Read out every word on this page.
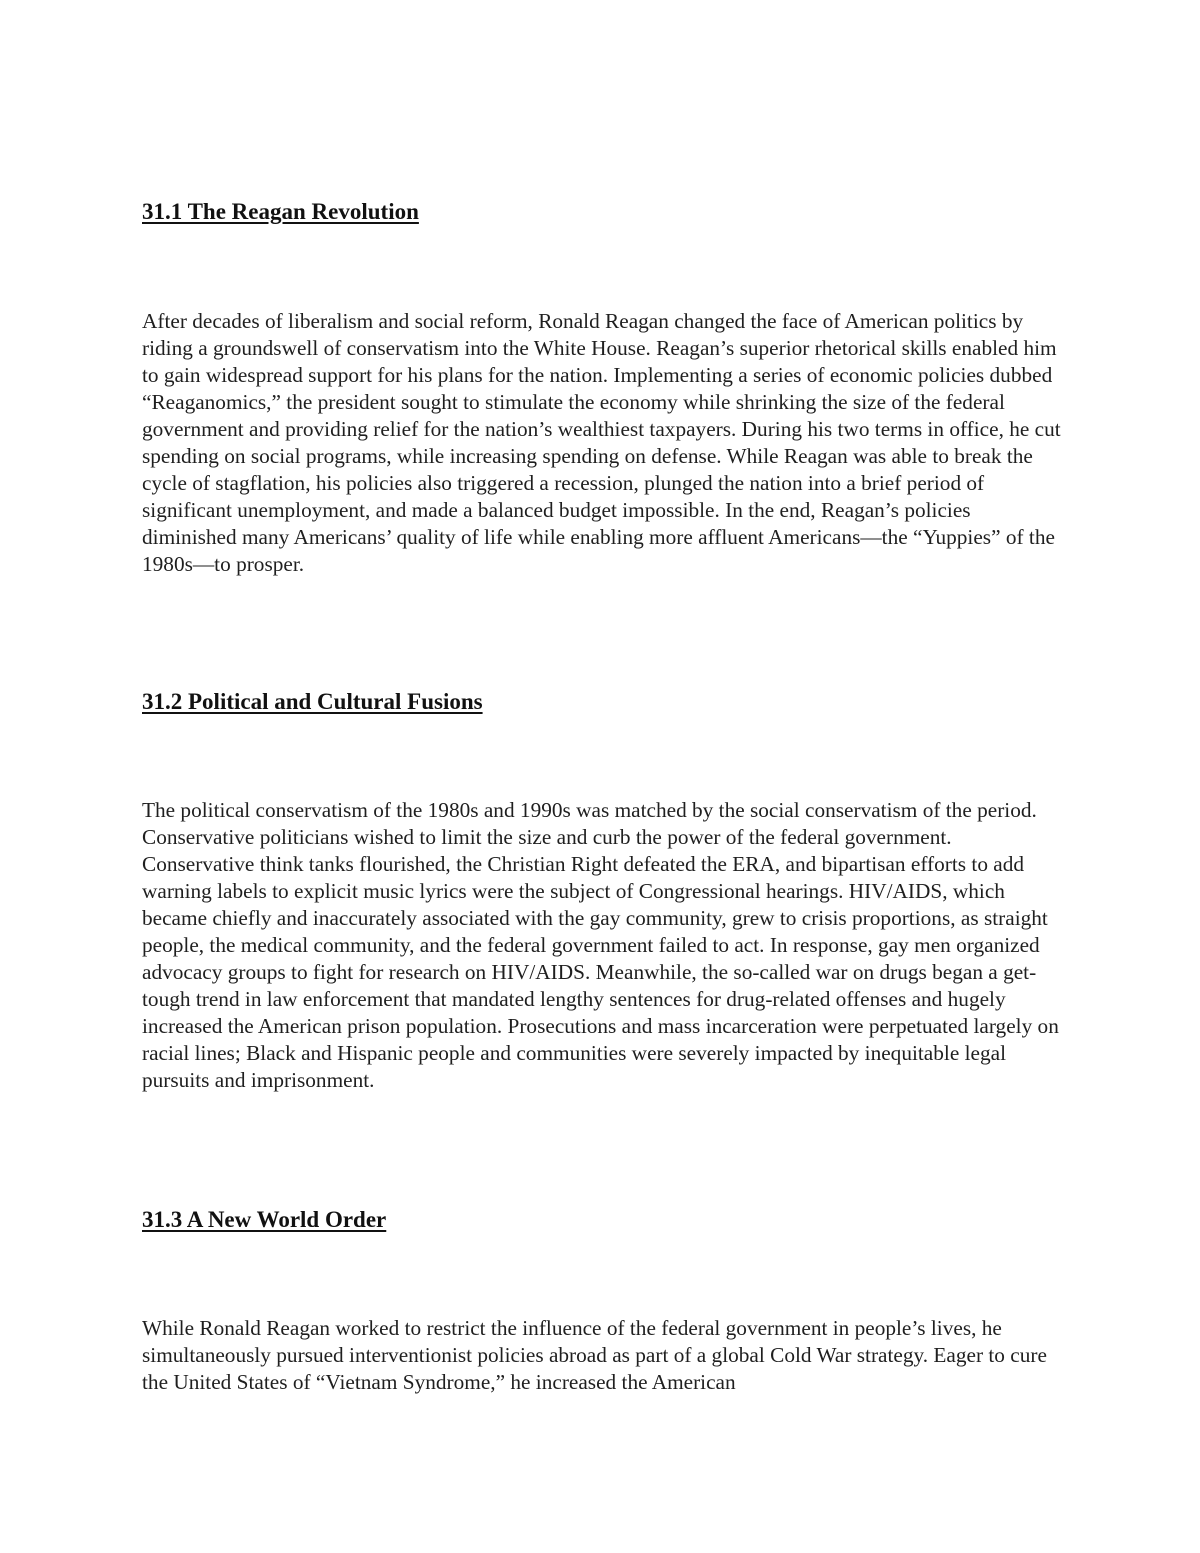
31.1 The Reagan Revolution

After decades of liberalism and social reform, Ronald Reagan changed the face of American politics by riding a groundswell of conservatism into the White House. Reagan’s superior rhetorical skills enabled him to gain widespread support for his plans for the nation. Implementing a series of economic policies dubbed “Reaganomics,” the president sought to stimulate the economy while shrinking the size of the federal government and providing relief for the nation’s wealthiest taxpayers. During his two terms in office, he cut spending on social programs, while increasing spending on defense. While Reagan was able to break the cycle of stagflation, his policies also triggered a recession, plunged the nation into a brief period of significant unemployment, and made a balanced budget impossible. In the end, Reagan’s policies diminished many Americans’ quality of life while enabling more affluent Americans—the “Yuppies” of the 1980s—to prosper.

31.2 Political and Cultural Fusions

The political conservatism of the 1980s and 1990s was matched by the social conservatism of the period. Conservative politicians wished to limit the size and curb the power of the federal government. Conservative think tanks flourished, the Christian Right defeated the ERA, and bipartisan efforts to add warning labels to explicit music lyrics were the subject of Congressional hearings. HIV/AIDS, which became chiefly and inaccurately associated with the gay community, grew to crisis proportions, as straight people, the medical community, and the federal government failed to act. In response, gay men organized advocacy groups to fight for research on HIV/AIDS. Meanwhile, the so-called war on drugs began a get-tough trend in law enforcement that mandated lengthy sentences for drug-related offenses and hugely increased the American prison population. Prosecutions and mass incarceration were perpetuated largely on racial lines; Black and Hispanic people and communities were severely impacted by inequitable legal pursuits and imprisonment.

31.3 A New World Order

While Ronald Reagan worked to restrict the influence of the federal government in people’s lives, he simultaneously pursued interventionist policies abroad as part of a global Cold War strategy. Eager to cure the United States of “Vietnam Syndrome,” he increased the American
